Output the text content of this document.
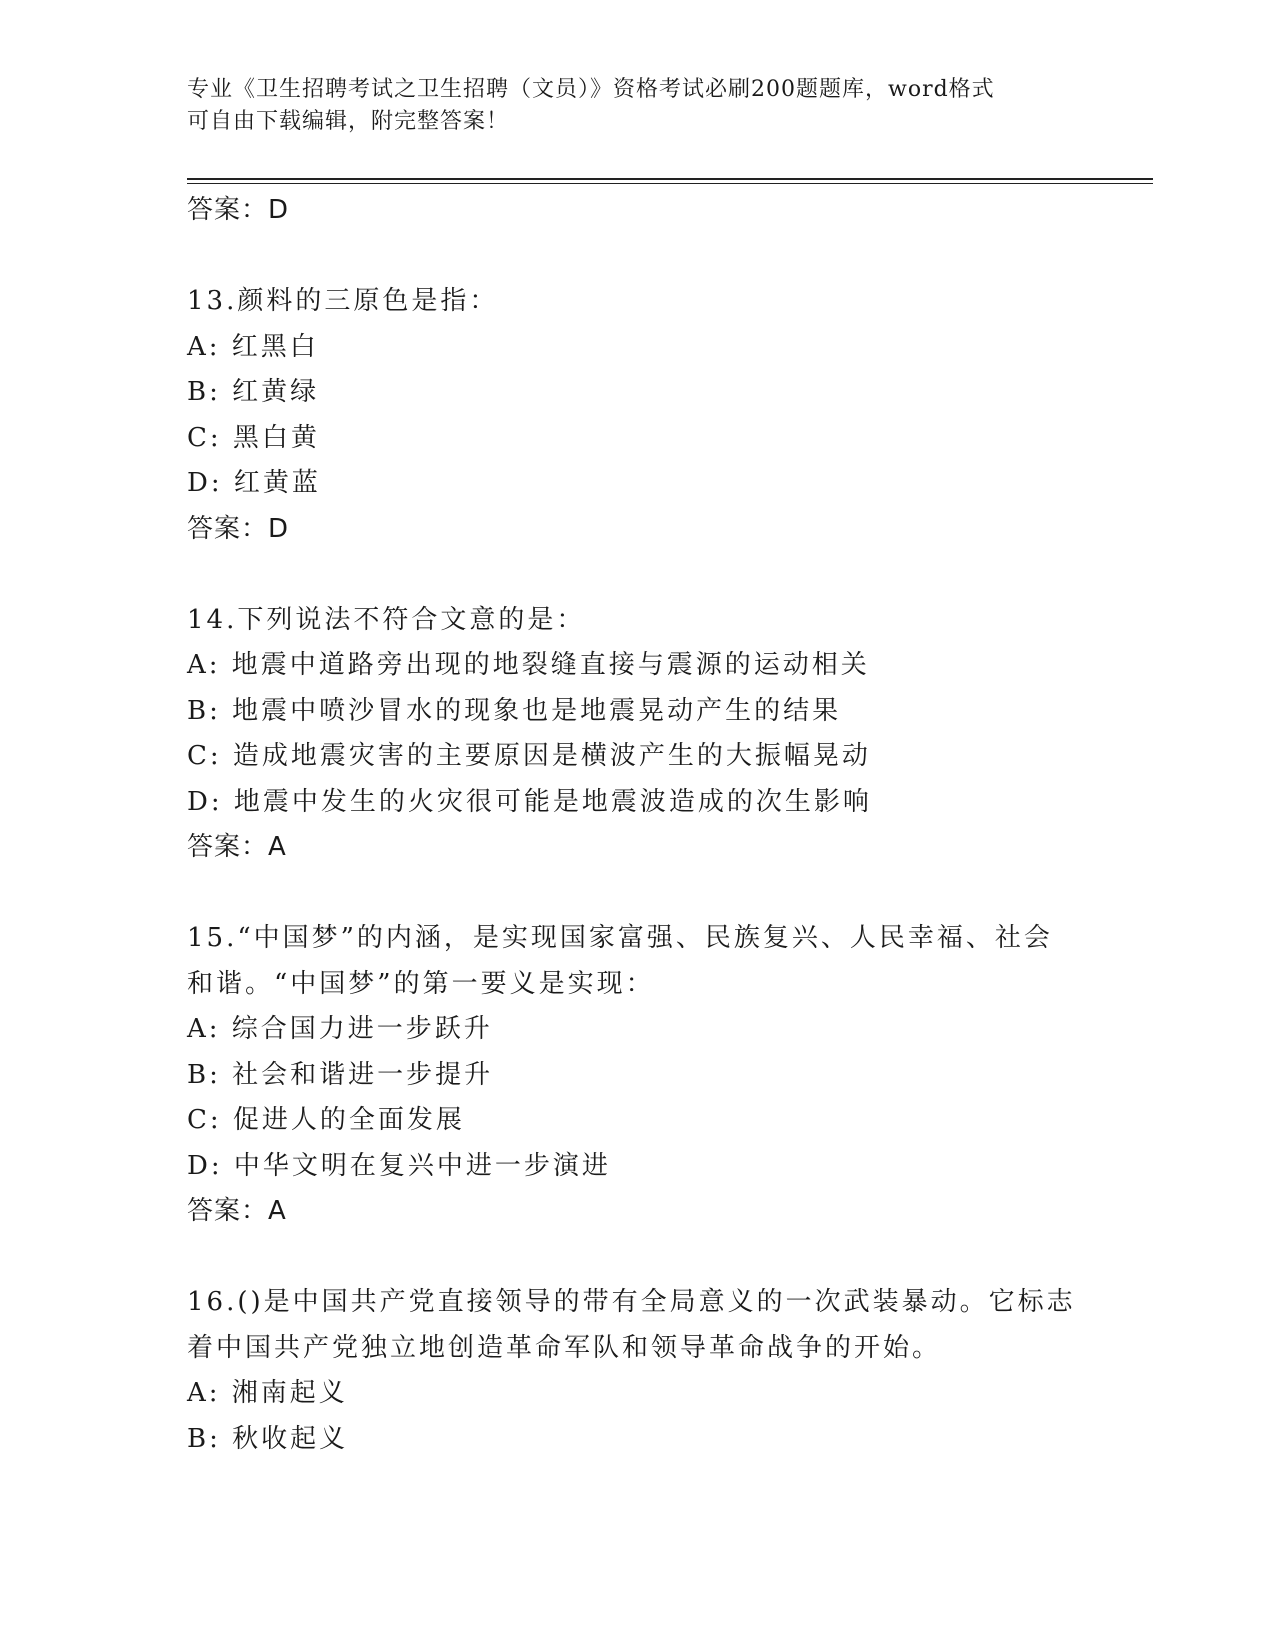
专业《卫生招聘考试之卫生招聘（文员）》资格考试必刷200题题库，word格式
可自由下载编辑，附完整答案！
答案：D
13.颜料的三原色是指：
A: 红黑白
B: 红黄绿
C: 黑白黄
D: 红黄蓝
答案：D
14.下列说法不符合文意的是：
A: 地震中道路旁出现的地裂缝直接与震源的运动相关
B: 地震中喷沙冒水的现象也是地震晃动产生的结果
C: 造成地震灾害的主要原因是横波产生的大振幅晃动
D: 地震中发生的火灾很可能是地震波造成的次生影响
答案：A
15.“中国梦”的内涵，是实现国家富强、民族复兴、人民幸福、社会
和谐。“中国梦”的第一要义是实现：
A: 综合国力进一步跃升
B: 社会和谐进一步提升
C: 促进人的全面发展
D: 中华文明在复兴中进一步演进
答案：A
16.()是中国共产党直接领导的带有全局意义的一次武装暴动。它标志
着中国共产党独立地创造革命军队和领导革命战争的开始。
A: 湘南起义
B: 秋收起义
